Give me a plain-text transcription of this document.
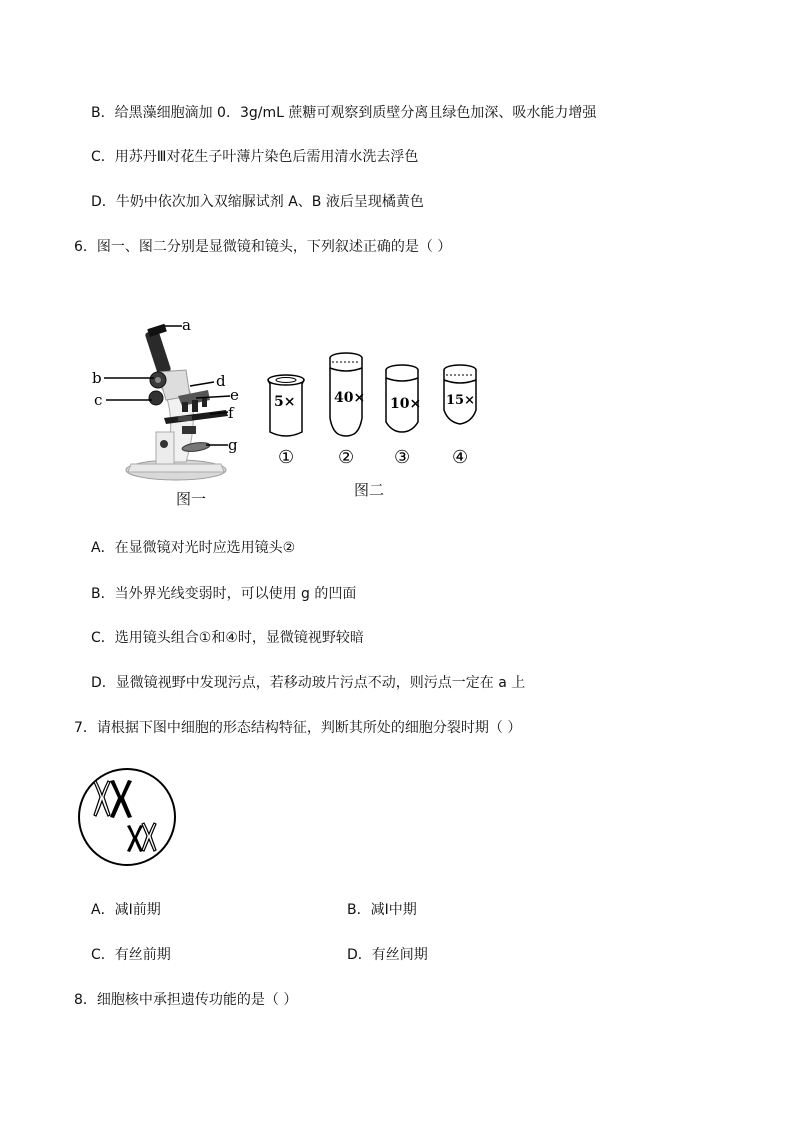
B．给黑藻细胞滴加 0．3g/mL 蔗糖可观察到质壁分离且绿色加深、吸水能力增强
C．用苏丹Ⅲ对花生子叶薄片染色后需用清水洗去浮色
D．牛奶中依次加入双缩脲试剂 A、B 液后呈现橘黄色
6．图一、图二分别是显微镜和镜头，下列叙述正确的是（ ）
a
b
c
d
e
f
g
图一
5×
①
40×
②
10×
③
15×
④
图二
A．在显微镜对光时应选用镜头②
B．当外界光线变弱时，可以使用 g 的凹面
C．选用镜头组合①和④时，显微镜视野较暗
D．显微镜视野中发现污点，若移动玻片污点不动，则污点一定在 a 上
7．请根据下图中细胞的形态结构特征，判断其所处的细胞分裂时期（ ）
A．减Ⅰ前期	B．减Ⅰ中期
C．有丝前期	D．有丝间期
8．细胞核中承担遗传功能的是（ ）
